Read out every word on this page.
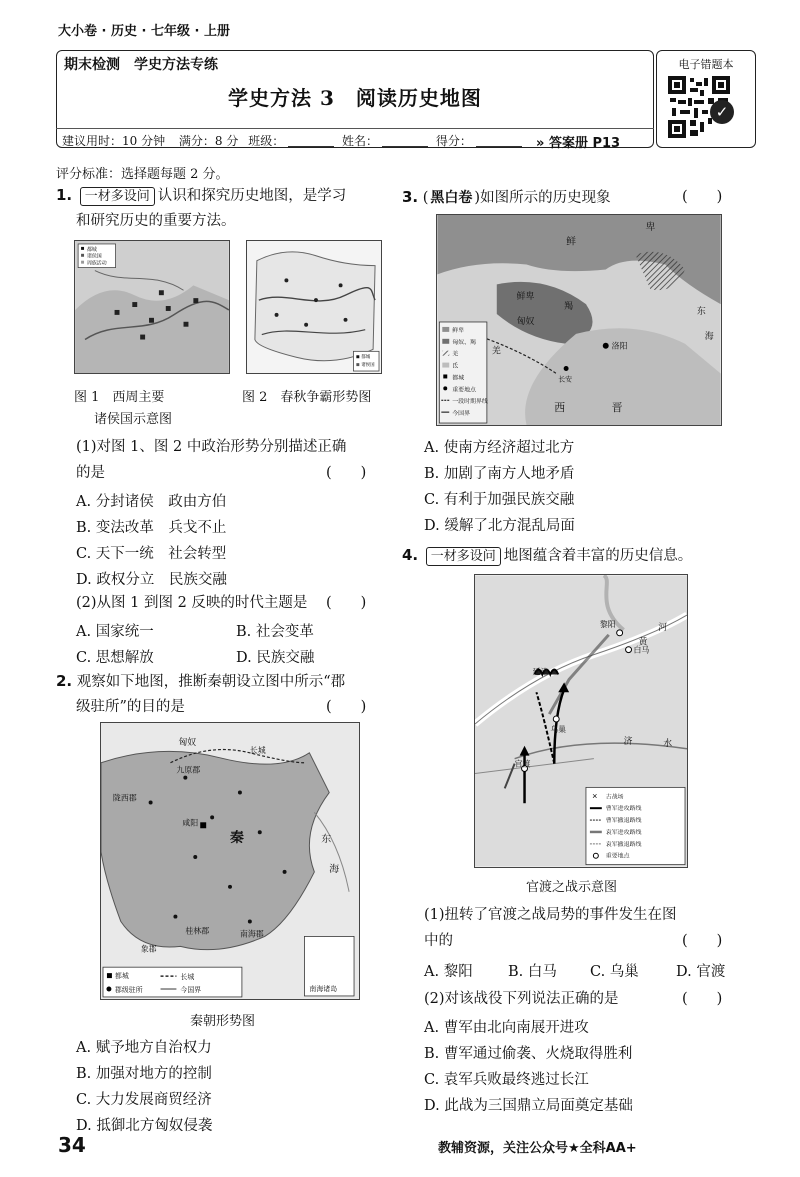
大小卷 · 历史 · 七年级 · 上册
期末检测　学史方法专练
学史方法 3　阅读历史地图
建议用时：10 分钟 满分：8 分 班级：	姓名：	得分：	» 答案册 P13
电子错题本
✓
评分标准：选择题每题 2 分。
1. 一材多设问 认识和探究历史地图，是学习
和研究历史的重要方法。
都城
诸侯国
周族活动
都城
诸侯国
图 1　西周主要
诸侯国示意图
图 2　春秋争霸形势图
(1)对图 1、图 2 中政治形势分别描述正确
的是	(　　)
A. 分封诸侯　政由方伯
B. 变法改革　兵戈不止
C. 天下一统　社会转型
D. 政权分立　民族交融
(2)从图 1 到图 2 反映的时代主题是 (　　)
A. 国家统一	B. 社会变革
C. 思想解放	D. 民族交融
2. 观察如下地图，推断秦朝设立图中所示“郡
级驻所”的目的是	(　　)
匈奴
九原郡
陇西郡
咸阳
秦
长城
南海郡
桂林郡
象郡
东
海
南海诸岛
都城
郡级驻所
长城
今国界
秦朝形势图
A. 赋予地方自治权力
B. 加强对地方的控制
C. 大力发展商贸经济
D. 抵御北方匈奴侵袭
3. ( 黑白卷 )如图所示的历史现象	(　　)
鲜
卑
鲜卑
羯
匈奴
羌
长安
洛阳
西	晋
东
海
鲜卑
匈奴、羯
羌
氐
都城
重要地点
一段时期界线
今国界
A. 使南方经济超过北方
B. 加剧了南方人地矛盾
C. 有利于加强民族交融
D. 缓解了北方混乱局面
4. 一材多设问 地图蕴含着丰富的历史信息。
黎阳
白马
延津
乌巢
官渡
黄
河
济	水
✕ 古战场
曹军进攻路线
曹军撤退路线
袁军进攻路线
袁军撤退路线
重要地点
官渡之战示意图
(1)扭转了官渡之战局势的事件发生在图
中的	(　　)
A. 黎阳 B. 白马 C. 乌巢	D. 官渡
(2)对该战役下列说法正确的是	(　　)
A. 曹军由北向南展开进攻
B. 曹军通过偷袭、火烧取得胜利
C. 袁军兵败最终逃过长江
D. 此战为三国鼎立局面奠定基础
34	教辅资源，关注公众号★全科AA+
